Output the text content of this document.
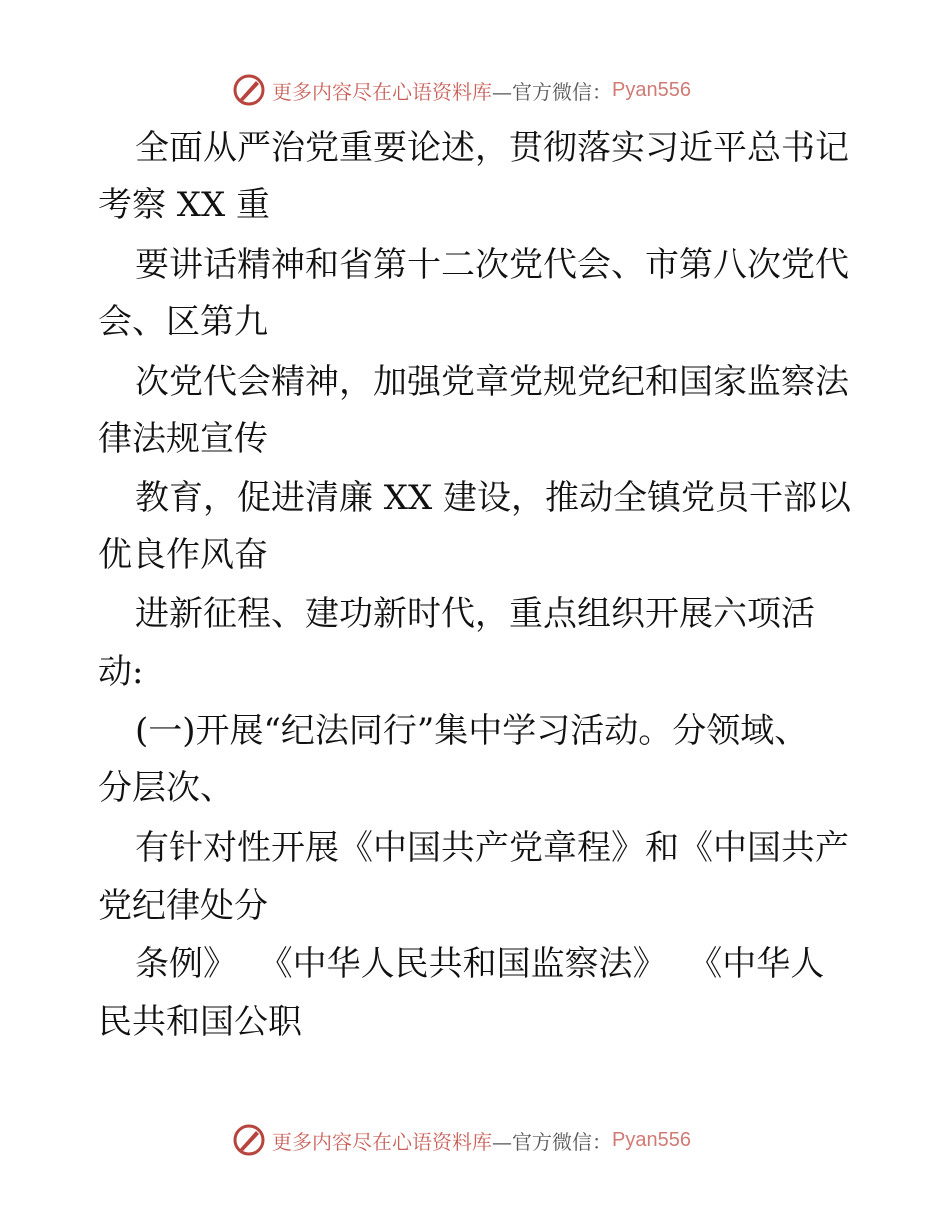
更多内容尽在心语资料库 —官方微信： Pyan556
全面从严治党重要论述，贯彻落实习近平总书记
考察 XX 重
要讲话精神和省第十二次党代会、市第八次党代
会、区第九
次党代会精神，加强党章党规党纪和国家监察法
律法规宣传
教育，促进清廉 XX 建设，推动全镇党员干部以
优良作风奋
进新征程、建功新时代，重点组织开展六项活
动:
(一)开展“纪法同行”集中学习活动。分领域、
分层次、
有针对性开展《中国共产党章程》和《中国共产
党纪律处分
条例》  《中华人民共和国监察法》  《中华人
民共和国公职
更多内容尽在心语资料库 —官方微信： Pyan556
